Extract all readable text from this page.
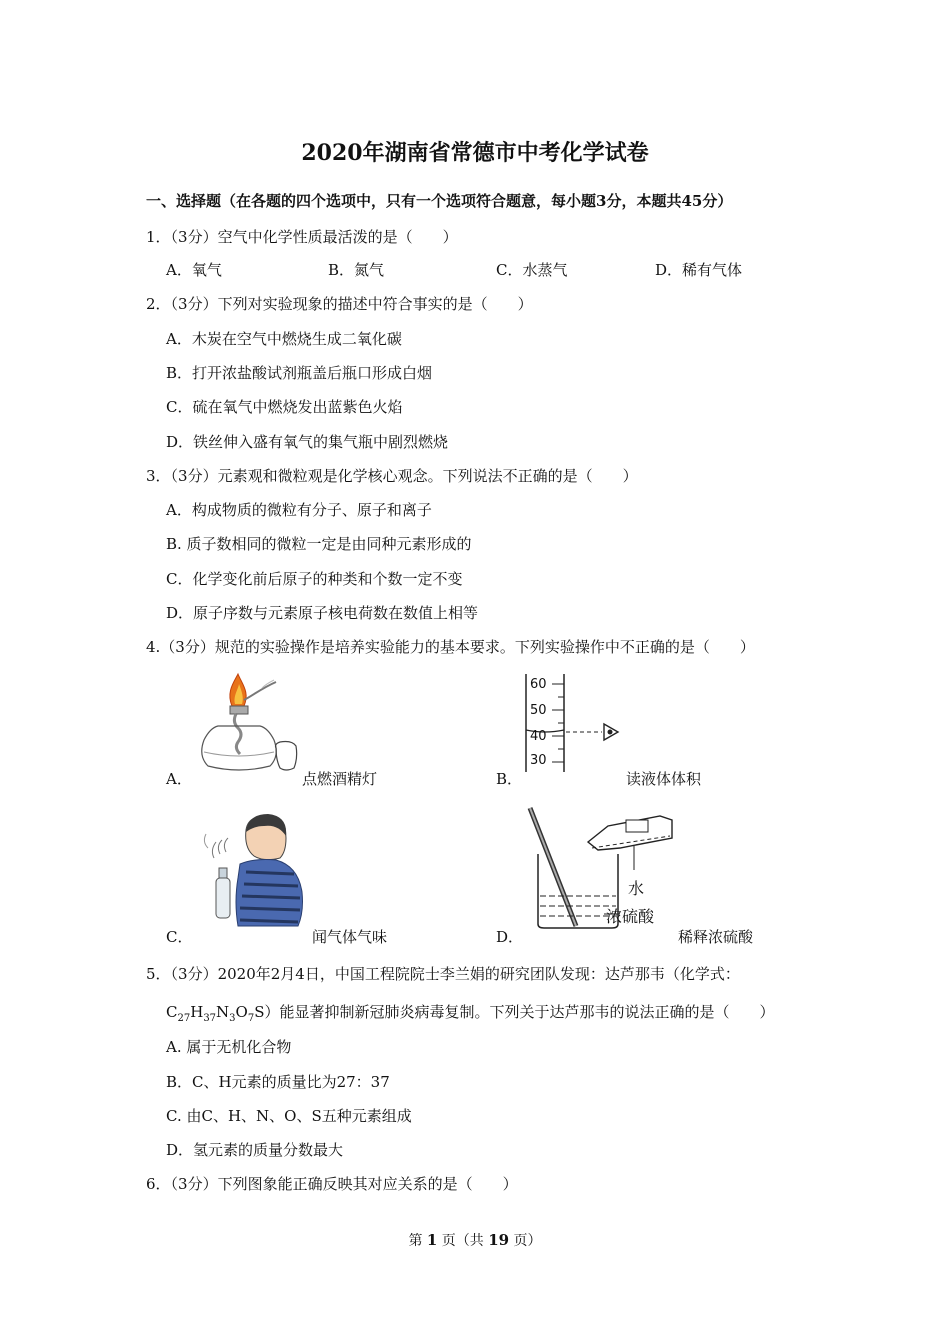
2020年湖南省常德市中考化学试卷
一、选择题（在各题的四个选项中，只有一个选项符合题意，每小题3分，本题共45分）
1．（3分）空气中化学性质最活泼的是（　　）
A．氧气	B．氮气	C．水蒸气	D．稀有气体
2．（3分）下列对实验现象的描述中符合事实的是（　　）
A．木炭在空气中燃烧生成二氧化碳
B．打开浓盐酸试剂瓶盖后瓶口形成白烟
C．硫在氧气中燃烧发出蓝紫色火焰
D．铁丝伸入盛有氧气的集气瓶中剧烈燃烧
3．（3分）元素观和微粒观是化学核心观念。下列说法不正确的是（　　）
A．构成物质的微粒有分子、原子和离子
B. 质子数相同的微粒一定是由同种元素形成的
C．化学变化前后原子的种类和个数一定不变
D．原子序数与元素原子核电荷数在数值上相等
4.（3分）规范的实验操作是培养实验能力的基本要求。下列实验操作中不正确的是（　　）
A．	点燃酒精灯
60
50
40
30
B．	读液体体积
C．	闻气体气味
水
浓硫酸
D．	稀释浓硫酸
5．（3分）2020年2月4日，中国工程院院士李兰娟的研究团队发现：达芦那韦（化学式：
$C_{27}H_{37}N_3O_7S$）能显著抑制新冠肺炎病毒复制。下列关于达芦那韦的说法正确的是（　　）
A. 属于无机化合物
B．C、H元素的质量比为27：37
C. 由C、H、N、O、S五种元素组成
D．氢元素的质量分数最大
6．（3分）下列图象能正确反映其对应关系的是（　　）
第 1 页（共 19 页）
